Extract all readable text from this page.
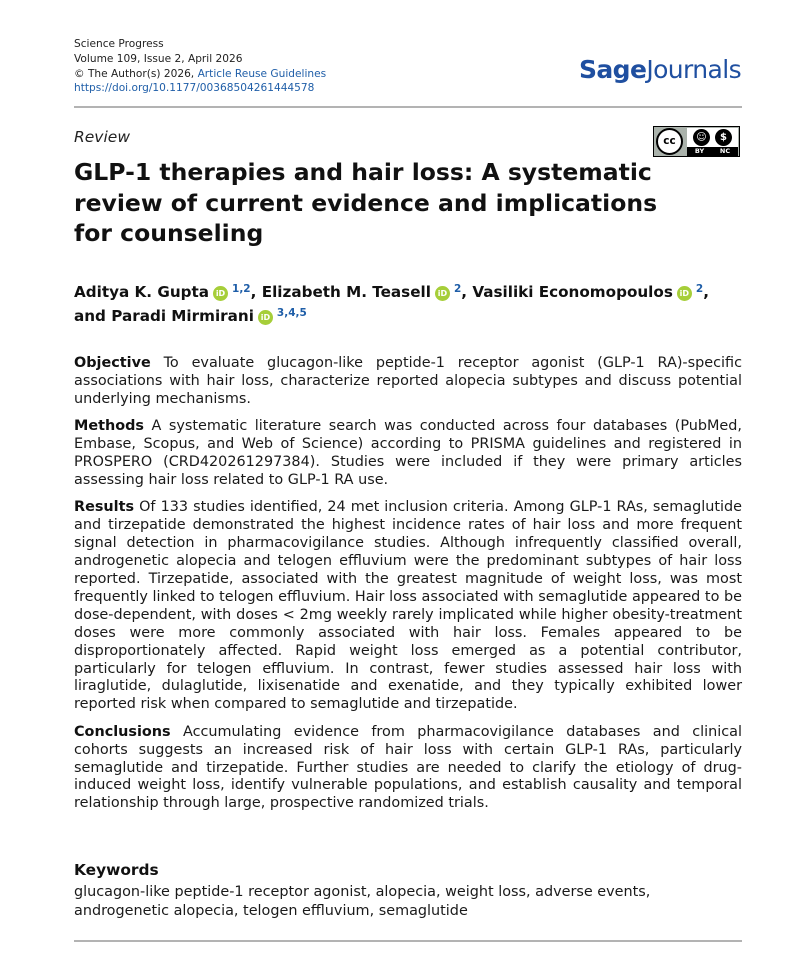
Science Progress
Volume 109, Issue 2, April 2026
© The Author(s) 2026, Article Reuse Guidelines
https://doi.org/10.1177/00368504261444578
SageJournals
Review	cc	☺	$
BY NC
GLP-1 therapies and hair loss: A systematic review of current evidence and implications for counseling
Aditya K. Gupta iD $^{1,2}$, Elizabeth M. Teasell iD $^2$, Vasiliki Economopoulos iD $^2$, and Paradi Mirmirani iD $^{3,4,5}$

Objective To evaluate glucagon-like peptide-1 receptor agonist (GLP-1 RA)-specific associations with hair loss, characterize reported alopecia subtypes and discuss potential underlying mechanisms.

Methods A systematic literature search was conducted across four databases (PubMed, Embase, Scopus, and Web of Science) according to PRISMA guidelines and registered in PROSPERO (CRD420261297384). Studies were included if they were primary articles assessing hair loss related to GLP-1 RA use.

Results Of 133 studies identified, 24 met inclusion criteria. Among GLP-1 RAs, semaglutide and tirzepatide demonstrated the highest incidence rates of hair loss and more frequent signal detection in pharmacovigilance studies. Although infrequently classified overall, androgenetic alopecia and telogen effluvium were the predominant subtypes of hair loss reported. Tirzepatide, associated with the greatest magnitude of weight loss, was most frequently linked to telogen effluvium. Hair loss associated with semaglutide appeared to be dose-dependent, with doses < 2mg weekly rarely implicated while higher obesity-treatment doses were more commonly associated with hair loss. Females appeared to be disproportionately affected. Rapid weight loss emerged as a potential contributor, particularly for telogen effluvium. In contrast, fewer studies assessed hair loss with liraglutide, dulaglutide, lixisenatide and exenatide, and they typically exhibited lower reported risk when compared to semaglutide and tirzepatide.

Conclusions Accumulating evidence from pharmacovigilance databases and clinical cohorts suggests an increased risk of hair loss with certain GLP-1 RAs, particularly semaglutide and tirzepatide. Further studies are needed to clarify the etiology of drug-induced weight loss, identify vulnerable populations, and establish causality and temporal relationship through large, prospective randomized trials.

Keywords
glucagon-like peptide-1 receptor agonist, alopecia, weight loss, adverse events, androgenetic alopecia, telogen effluvium, semaglutide
